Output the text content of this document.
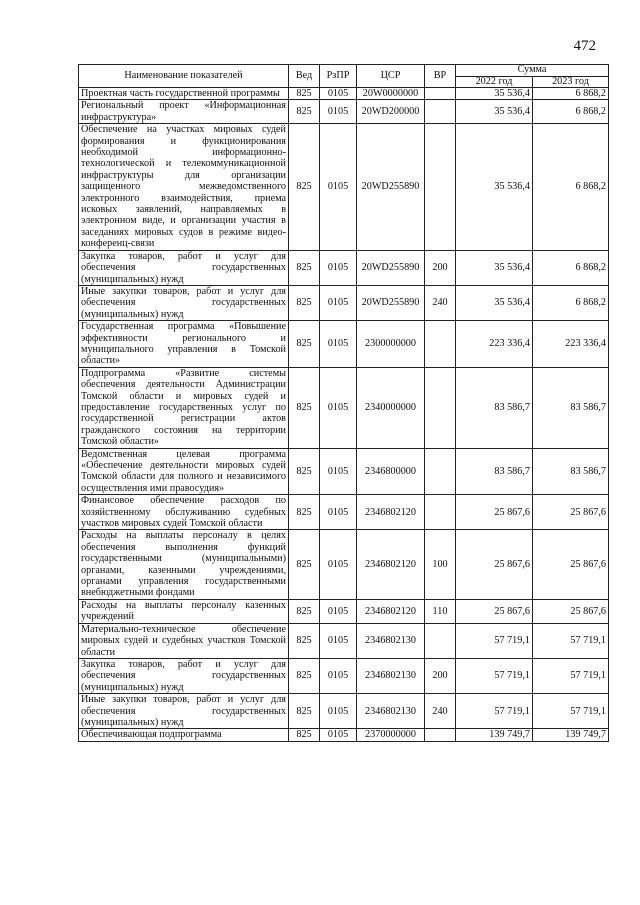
472
Наименование показателей	Вед	РзПР	ЦСР	ВР	Сумма	
					2022 год	2023 год
Проектная часть государственной программы	825	0105	20W0000000		35 536,4	6 868,2
Региональный проект «Информационная инфраструктура»	825	0105	20WD200000		35 536,4	6 868,2
Обеспечение на участках мировых судей формирования и функционирования необходимой информационно-технологической и телекоммуникационной инфраструктуры для организации защищенного межведомственного электронного взаимодействия, приема исковых заявлений, направляемых в электронном виде, и организации участия в заседаниях мировых судов в режиме видео-конференц-связи	825	0105	20WD255890		35 536,4	6 868,2
Закупка товаров, работ и услуг для обеспечения государственных (муниципальных) нужд	825	0105	20WD255890	200	35 536,4	6 868,2
Иные закупки товаров, работ и услуг для обеспечения государственных (муниципальных) нужд	825	0105	20WD255890	240	35 536,4	6 868,2
Государственная программа «Повышение эффективности регионального и муниципального управления в Томской области»	825	0105	2300000000		223 336,4	223 336,4
Подпрограмма «Развитие системы обеспечения деятельности Администрации Томской области и мировых судей и предоставление государственных услуг по государственной регистрации актов гражданского состояния на территории Томской области»	825	0105	2340000000		83 586,7	83 586,7
Ведомственная целевая программа «Обеспечение деятельности мировых судей Томской области для полного и независимого осуществления ими правосудия»	825	0105	2346800000		83 586,7	83 586,7
Финансовое обеспечение расходов по хозяйственному обслуживанию судебных участков мировых судей Томской области	825	0105	2346802120		25 867,6	25 867,6
Расходы на выплаты персоналу в целях обеспечения выполнения функций государственными (муниципальными) органами, казенными учреждениями, органами управления государственными внебюджетными фондами	825	0105	2346802120	100	25 867,6	25 867,6
Расходы на выплаты персоналу казенных учреждений	825	0105	2346802120	110	25 867,6	25 867,6
Материально-техническое обеспечение мировых судей и судебных участков Томской области	825	0105	2346802130		57 719,1	57 719,1
Закупка товаров, работ и услуг для обеспечения государственных (муниципальных) нужд	825	0105	2346802130	200	57 719,1	57 719,1
Иные закупки товаров, работ и услуг для обеспечения государственных (муниципальных) нужд	825	0105	2346802130	240	57 719,1	57 719,1
Обеспечивающая подпрограмма	825	0105	2370000000		139 749,7	139 749,7
